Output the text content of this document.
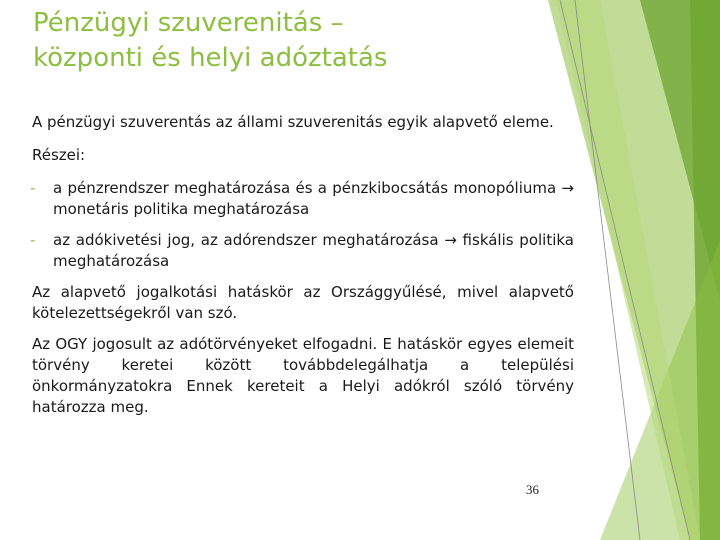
Pénzügyi szuverenitás –
központi és helyi adóztatás

A pénzügyi szuverentás az állami szuverenitás egyik alapvető eleme.

Részei:

- a pénzrendszer meghatározása és a pénzkibocsátás monopóliuma → monetáris politika meghatározása
- az adókivetési jog, az adórendszer meghatározása → fiskális politika meghatározása

Az alapvető jogalkotási hatáskör az Országgyűlésé, mivel alapvető kötelezettségekről van szó.

Az OGY jogosult az adótörvényeket elfogadni. E hatáskör egyes elemeit törvény keretei között továbbdelegálhatja a települési önkormányzatokra Ennek kereteit a Helyi adókról szóló törvény határozza meg.

36
